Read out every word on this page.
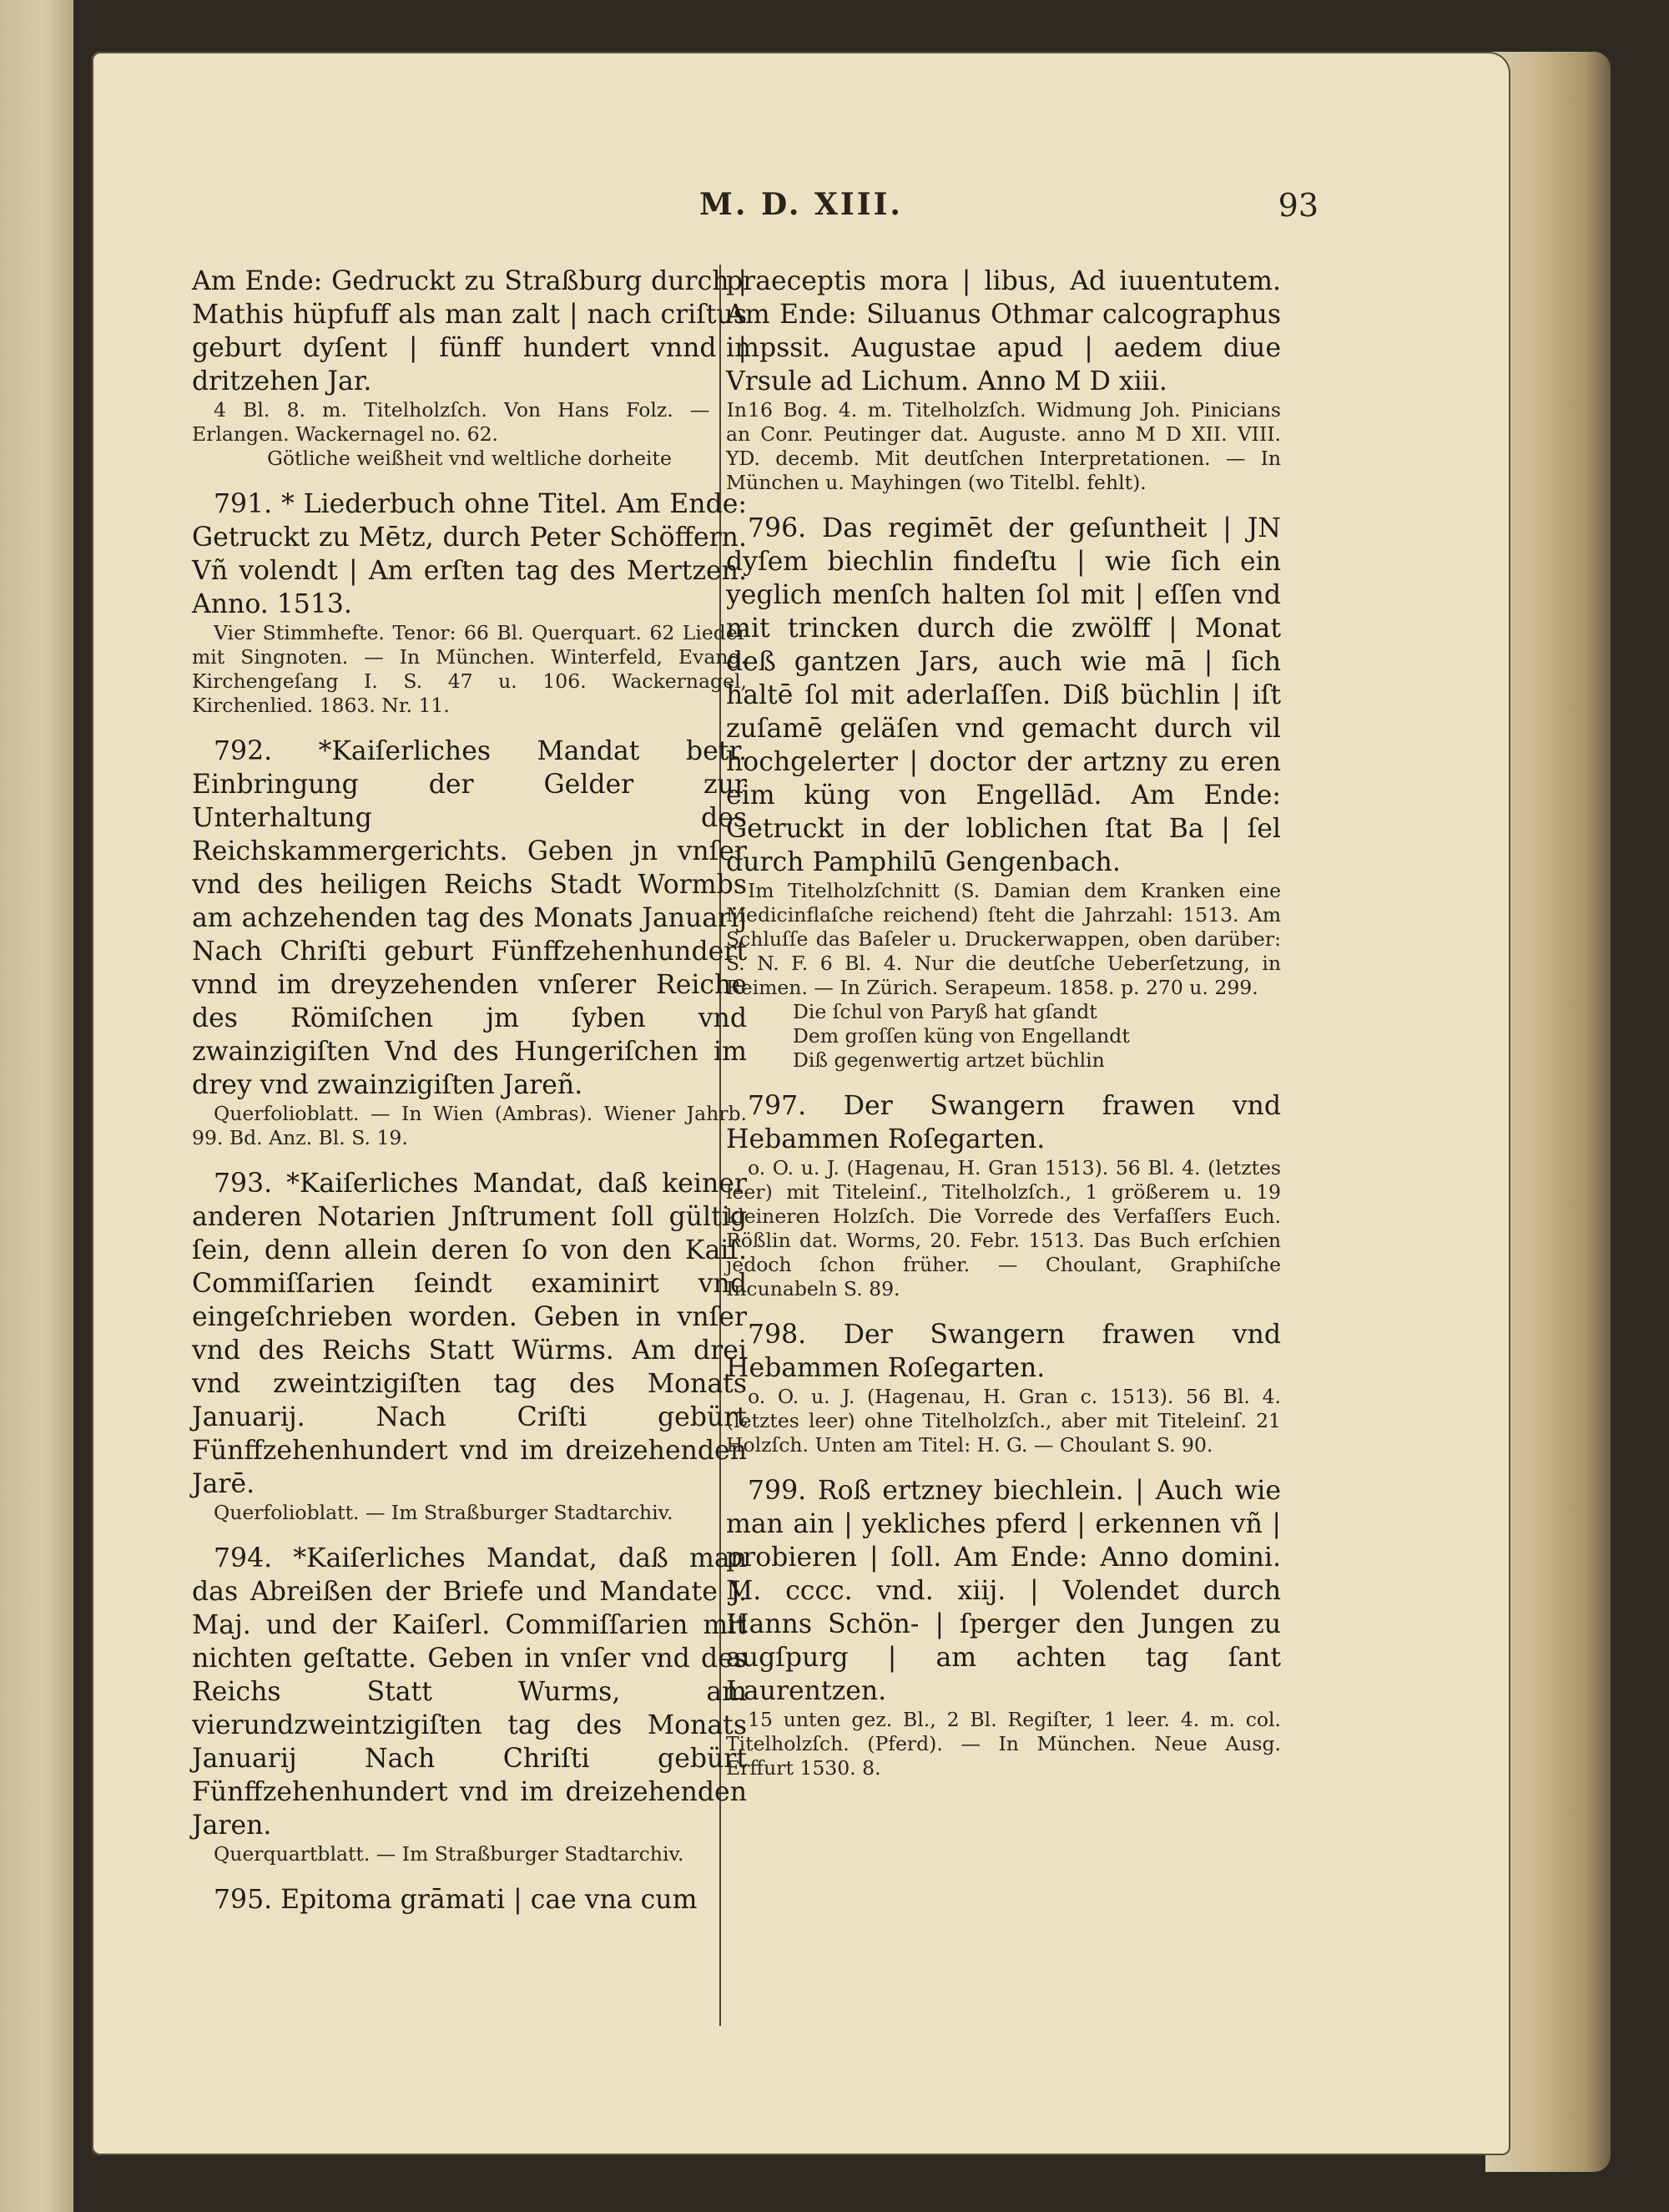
M. D. XIII.	93

Am Ende: Gedruckt zu Straßburg durch | Mathis hüpfuff als man zalt | nach criſtus geburt dyſent | fünff hundert vnnd | dritzehen Jar.

4 Bl. 8. m. Titelholzſch. Von Hans Folz. — In Erlangen. Wackernagel no. 62.

Götliche weißheit vnd weltliche dorheite

791. * Liederbuch ohne Titel. Am Ende: Getruckt zu Mētz, durch Peter Schöffern. Vñ volendt | Am erſten tag des Mertzen. Anno. 1513.

Vier Stimmhefte. Tenor: 66 Bl. Querquart. 62 Lieder mit Singnoten. — In München. Winterfeld, Evang. Kirchengeſang I. S. 47 u. 106. Wackernagel, Kirchenlied. 1863. Nr. 11.

792. *Kaiſerliches Mandat betr. Einbringung der Gelder zur Unterhaltung des Reichskammergerichts. Geben jn vnſer vnd des heiligen Reichs Stadt Wormbs am achzehenden tag des Monats Januarij Nach Chriſti geburt Fünffzehenhundert vnnd im dreyzehenden vnſerer Reiche des Römiſchen jm ſyben vnd zwainzigiſten Vnd des Hungeriſchen im drey vnd zwainzigiſten Jareñ.

Querfolioblatt. — In Wien (Ambras). Wiener Jahrb. 99. Bd. Anz. Bl. S. 19.

793. *Kaiſerliches Mandat, daß keiner anderen Notarien Jnſtrument ſoll gültig ſein, denn allein deren ſo von den Kaiſ. Commiſſarien ſeindt examinirt vnd eingeſchrieben worden. Geben in vnſer vnd des Reichs Statt Würms. Am drei vnd zweintzigiſten tag des Monats Januarij. Nach Criſti gebürt Fünffzehenhundert vnd im dreizehenden Jarē.

Querfolioblatt. — Im Straßburger Stadtarchiv.

794. *Kaiſerliches Mandat, daß man das Abreißen der Briefe und Mandate J. Maj. und der Kaiſerl. Commiſſarien mit nichten geſtatte. Geben in vnſer vnd des Reichs Statt Wurms, am vierundzweintzigiſten tag des Monats Januarij Nach Chriſti gebürt Fünffzehenhundert vnd im dreizehenden Jaren.

Querquartblatt. — Im Straßburger Stadtarchiv.

795. Epitoma grāmati | cae vna cum

praeceptis mora | libus, Ad iuuentutem. Am Ende: Siluanus Othmar calcographus impssit. Augustae apud | aedem diue Vrsule ad Lichum. Anno M D xiii.

16 Bog. 4. m. Titelholzſch. Widmung Joh. Pinicians an Conr. Peutinger dat. Auguste. anno M D XII. VIII. YD. decemb. Mit deutſchen Interpretationen. — In München u. Mayhingen (wo Titelbl. fehlt).

796. Das regimēt der geſuntheit | JN dyſem biechlin findeſtu | wie ſich ein yeglich menſch halten ſol mit | eſſen vnd mit trincken durch die zwölff | Monat deß gantzen Jars, auch wie mā | ſich haltē ſol mit aderlaſſen. Diß büchlin | iſt zuſamē geläſen vnd gemacht durch vil hochgelerter | doctor der artzny zu eren eim küng von Engellād. Am Ende: Getruckt in der loblichen ſtat Ba | ſel durch Pamphilū Gengenbach.

Im Titelholzſchnitt (S. Damian dem Kranken eine Medicinflaſche reichend) ſteht die Jahrzahl: 1513. Am Schluſſe das Baſeler u. Druckerwappen, oben darüber: S. N. F. 6 Bl. 4. Nur die deutſche Ueberſetzung, in Reimen. — In Zürich. Serapeum. 1858. p. 270 u. 299.

Die ſchul von Paryß hat gſandt

Dem groſſen küng von Engellandt

Diß gegenwertig artzet büchlin

797. Der Swangern frawen vnd Hebammen Roſegarten.

o. O. u. J. (Hagenau, H. Gran 1513). 56 Bl. 4. (letztes leer) mit Titeleinſ., Titelholzſch., 1 größerem u. 19 kleineren Holzſch. Die Vorrede des Verfaſſers Euch. Rößlin dat. Worms, 20. Febr. 1513. Das Buch erſchien jedoch ſchon früher. — Choulant, Graphiſche Incunabeln S. 89.

798. Der Swangern frawen vnd Hebammen Roſegarten.

o. O. u. J. (Hagenau, H. Gran c. 1513). 56 Bl. 4. (letztes leer) ohne Titelholzſch., aber mit Titeleinſ. 21 Holzſch. Unten am Titel: H. G. — Choulant S. 90.

799. Roß ertzney biechlein. | Auch wie man ain | yekliches pferd | erkennen vñ | probieren | ſoll. Am Ende: Anno domini. M. cccc. vnd. xiij. | Volendet durch Hanns Schön- | ſperger den Jungen zu augſpurg | am achten tag ſant Laurentzen.

15 unten gez. Bl., 2 Bl. Regiſter, 1 leer. 4. m. col. Titelholzſch. (Pferd). — In München. Neue Ausg. Erffurt 1530. 8.
